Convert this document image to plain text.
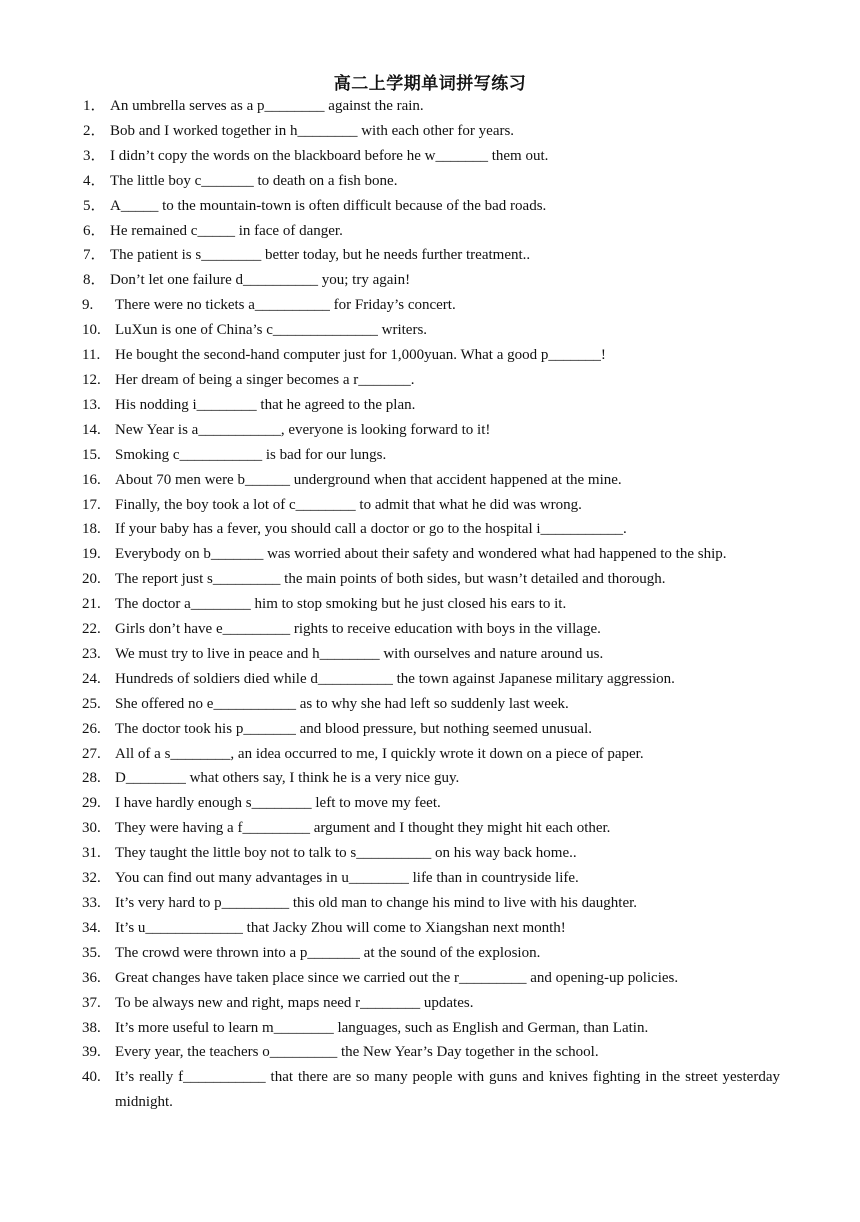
高二上学期单词拼写练习
1． An umbrella serves as a p________ against the rain.
2． Bob and I worked together in h________ with each other for years.
3． I didn’t copy the words on the blackboard before he w_______ them out.
4． The little boy c_______ to death on a fish bone.
5． A_____ to the mountain-town is often difficult because of the bad roads.
6． He remained c_____ in face of danger.
7． The patient is s________ better today, but he needs further treatment..
8． Don’t let one failure d__________ you; try again!
9. There were no tickets a__________ for Friday’s concert.
10. LuXun is one of China’s c______________ writers.
11. He bought the second-hand computer just for 1,000yuan. What a good p_______!
12. Her dream of being a singer becomes a r_______.
13. His nodding i________ that he agreed to the plan.
14. New Year is a___________, everyone is looking forward to it!
15. Smoking c___________ is bad for our lungs.
16. About 70 men were b______ underground when that accident happened at the mine.
17. Finally, the boy took a lot of c________ to admit that what he did was wrong.
18. If your baby has a fever, you should call a doctor or go to the hospital i___________.
19. Everybody on b_______ was worried about their safety and wondered what had happened to the ship.
20. The report just s_________ the main points of both sides, but wasn’t detailed and thorough.
21. The doctor a________ him to stop smoking but he just closed his ears to it.
22. Girls don’t have e_________ rights to receive education with boys in the village.
23. We must try to live in peace and h________ with ourselves and nature around us.
24. Hundreds of soldiers died while d__________ the town against Japanese military aggression.
25. She offered no e___________ as to why she had left so suddenly last week.
26. The doctor took his p_______ and blood pressure, but nothing seemed unusual.
27. All of a s________, an idea occurred to me, I quickly wrote it down on a piece of paper.
28. D________ what others say, I think he is a very nice guy.
29. I have hardly enough s________ left to move my feet.
30. They were having a f_________ argument and I thought they might hit each other.
31. They taught the little boy not to talk to s__________ on his way back home..
32. You can find out many advantages in u________ life than in countryside life.
33. It’s very hard to p_________ this old man to change his mind to live with his daughter.
34. It’s u_____________ that Jacky Zhou will come to Xiangshan next month!
35. The crowd were thrown into a p_______ at the sound of the explosion.
36. Great changes have taken place since we carried out the r_________ and opening-up policies.
37. To be always new and right, maps need r________ updates.
38. It’s more useful to learn m________ languages, such as English and German, than Latin.
39. Every year, the teachers o_________ the New Year’s Day together in the school.
40. It’s really f___________ that there are so many people with guns and knives fighting in the street yesterday midnight.
